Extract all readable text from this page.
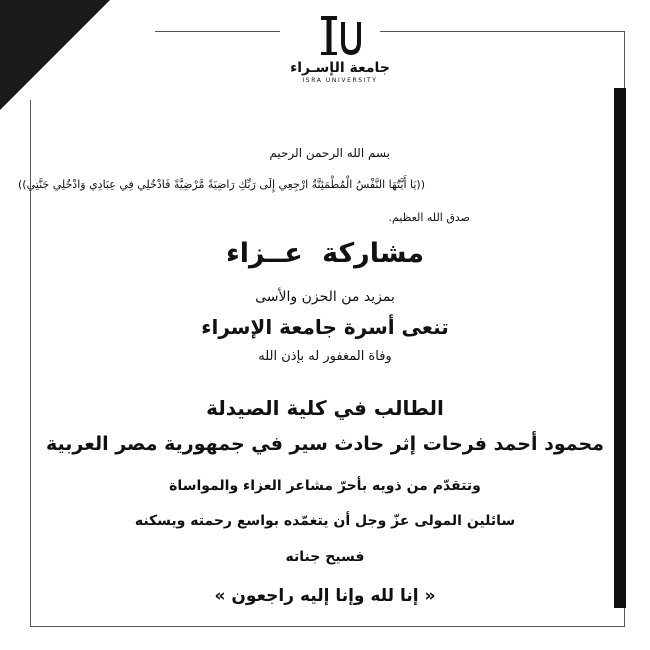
جامعة الإسـراء
ISRA UNIVERSITY
بسم الله الرحمن الرحيم
((يَا أَيَّتُهَا النَّفْسُ الْمُطْمَئِنَّةُ ارْجِعِي إِلَى رَبِّكِ رَاضِيَةً مَّرْضِيَّةً فَادْخُلِي فِي عِبَادِي وَادْخُلِي جَنَّتِي))
صدق الله العظيم.
مشاركة عــزاء
بمزيد من الحزن والأسى
تنعى أسرة جامعة الإسراء
وفاة المغفور له بإذن الله
الطالب في كلية الصيدلة
محمود أحمد فرحات إثر حادث سير في جمهورية مصر العربية
وتتقدّم من ذويه بأحرّ مشاعر العزاء والمواساة
سائلين المولى عزّ وجل أن يتغمّده بواسع رحمته ويسكنه
فسيح جناته
« إنا لله وإنا إليه راجعون »
